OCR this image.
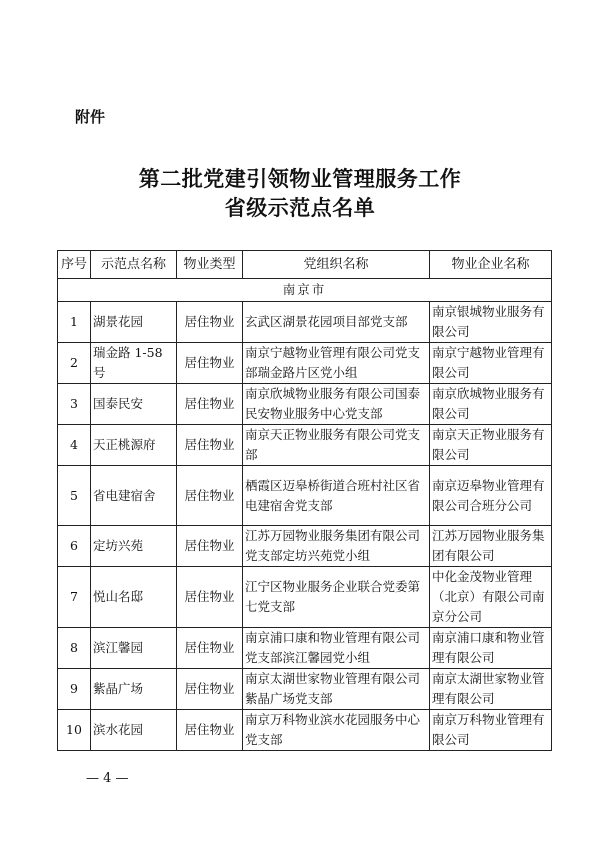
附件
第二批党建引领物业管理服务工作
省级示范点名单
序号	示范点名称	物业类型	党组织名称	物业企业名称
南京市				
1	湖景花园	居住物业	玄武区湖景花园项目部党支部	南京银城物业服务有限公司
2	瑞金路 1-58 号	居住物业	南京宁越物业管理有限公司党支部瑞金路片区党小组	南京宁越物业管理有限公司
3	国泰民安	居住物业	南京欣城物业服务有限公司国泰民安物业服务中心党支部	南京欣城物业服务有限公司
4	天正桃源府	居住物业	南京天正物业服务有限公司党支部	南京天正物业服务有限公司
5	省电建宿舍	居住物业	栖霞区迈皋桥街道合班村社区省电建宿舍党支部	南京迈皋物业管理有限公司合班分公司
6	定坊兴苑	居住物业	江苏万园物业服务集团有限公司党支部定坊兴苑党小组	江苏万园物业服务集团有限公司
7	悦山名邸	居住物业	江宁区物业服务企业联合党委第七党支部	中化金茂物业管理（北京）有限公司南京分公司
8	滨江馨园	居住物业	南京浦口康和物业管理有限公司党支部滨江馨园党小组	南京浦口康和物业管理有限公司
9	紫晶广场	居住物业	南京太湖世家物业管理有限公司紫晶广场党支部	南京太湖世家物业管理有限公司
10	滨水花园	居住物业	南京万科物业滨水花园服务中心党支部	南京万科物业管理有限公司
— 4 —
